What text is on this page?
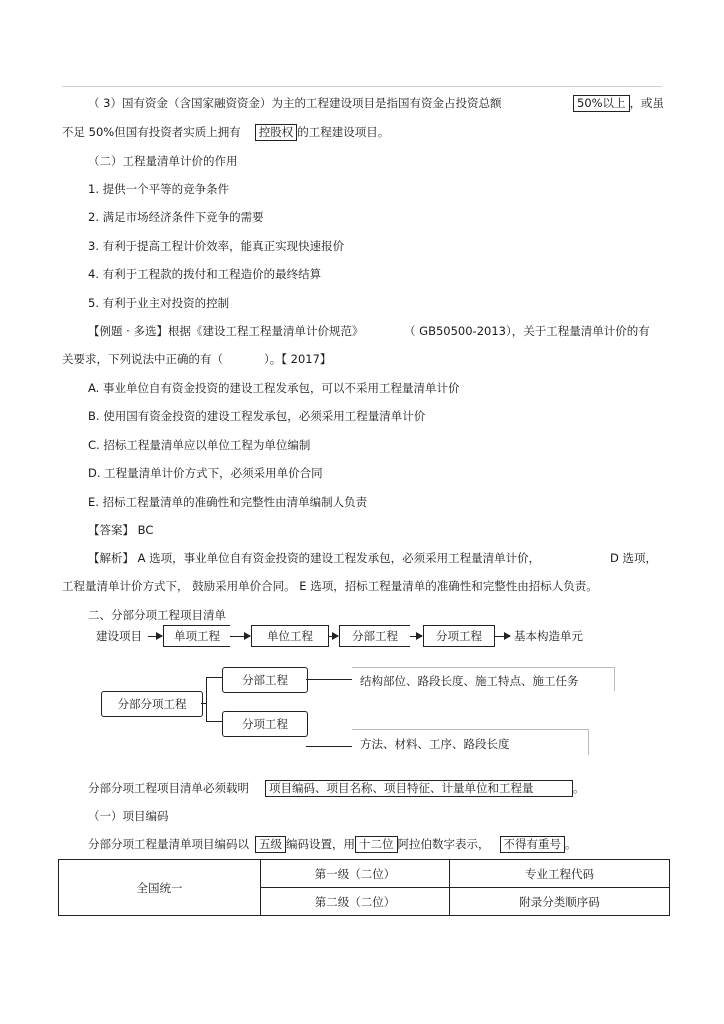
（ 3）国有资金（含国家融资资金）为主的工程建设项目是指国有资金占投资总额	50%以上 ，或虽
不足 50%但国有投资者实质上拥有 控股权 的工程建设项目。
（二）工程量清单计价的作用
1. 提供一个平等的竞争条件
2. 满足市场经济条件下竞争的需要
3. 有利于提高工程计价效率，能真正实现快速报价
4. 有利于工程款的拨付和工程造价的最终结算
5. 有利于业主对投资的控制
【例题 · 多选】根据《建设工程工程量清单计价规范》	（ GB50500-2013），关于工程量清单计价的有
关要求，下列说法中正确的有（	）。【 2017】
A. 事业单位自有资金投资的建设工程发承包，可以不采用工程量清单计价
B. 使用国有资金投资的建设工程发承包，必须采用工程量清单计价
C. 招标工程量清单应以单位工程为单位编制
D. 工程量清单计价方式下，必须采用单价合同
E. 招标工程量清单的准确性和完整性由清单编制人负责
【答案】 BC
【解析】 A 选项，事业单位自有资金投资的建设工程发承包，必须采用工程量清单计价，	D 选项，
工程量清单计价方式下， 鼓励采用单价合同。 E 选项，招标工程量清单的准确性和完整性由招标人负责。
二、分部分项工程项目清单
建设项目	单项工程	单位工程	分部工程	分项工程	基本构造单元
分部分项工程
分部工程	结构部位、路段长度、施工特点、施工任务
分项工程
方法、材料、工序、路段长度
分部分项工程项目清单必须载明 项目编码、项目名称、项目特征、计量单位和工程量	。
（一）项目编码
分部分项工程量清单项目编码以 五级 编码设置，用 十二位 阿拉伯数字表示， 不得有重号 。
全国统一	第一级（二位）	专业工程代码
	第二级（二位）	附录分类顺序码
